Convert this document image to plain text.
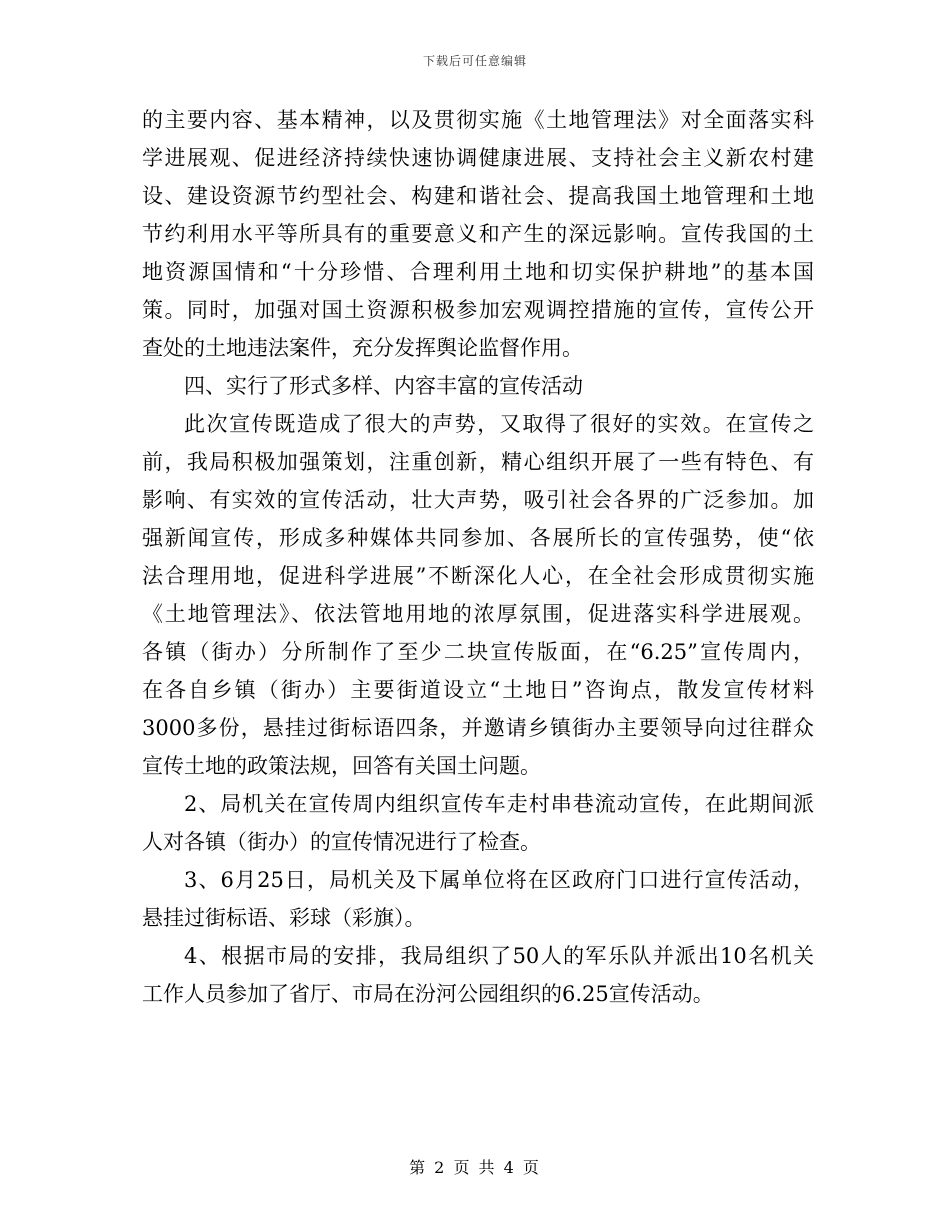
下载后可任意编辑
的主要内容、基本精神，以及贯彻实施《土地管理法》对全面落实科
学进展观、促进经济持续快速协调健康进展、支持社会主义新农村建
设、建设资源节约型社会、构建和谐社会、提高我国土地管理和土地
节约利用水平等所具有的重要意义和产生的深远影响。宣传我国的土
地资源国情和“十分珍惜、合理利用土地和切实保护耕地”的基本国
策。同时，加强对国土资源积极参加宏观调控措施的宣传，宣传公开
查处的土地违法案件，充分发挥舆论监督作用。
四、实行了形式多样、内容丰富的宣传活动
此次宣传既造成了很大的声势，又取得了很好的实效。在宣传之
前，我局积极加强策划，注重创新，精心组织开展了一些有特色、有
影响、有实效的宣传活动，壮大声势，吸引社会各界的广泛参加。加
强新闻宣传，形成多种媒体共同参加、各展所长的宣传强势，使“依
法合理用地，促进科学进展”不断深化人心，在全社会形成贯彻实施
《土地管理法》、依法管地用地的浓厚氛围，促进落实科学进展观。
各镇（街办）分所制作了至少二块宣传版面，在“6.25”宣传周内，
在各自乡镇（街办）主要街道设立“土地日”咨询点，散发宣传材料
3000多份，悬挂过街标语四条，并邀请乡镇街办主要领导向过往群众
宣传土地的政策法规，回答有关国土问题。
2、局机关在宣传周内组织宣传车走村串巷流动宣传，在此期间派
人对各镇（街办）的宣传情况进行了检查。
3、6月25日，局机关及下属单位将在区政府门口进行宣传活动，
悬挂过街标语、彩球（彩旗）。
4、根据市局的安排，我局组织了50人的军乐队并派出10名机关
工作人员参加了省厅、市局在汾河公园组织的6.25宣传活动。
第 2 页 共 4 页
